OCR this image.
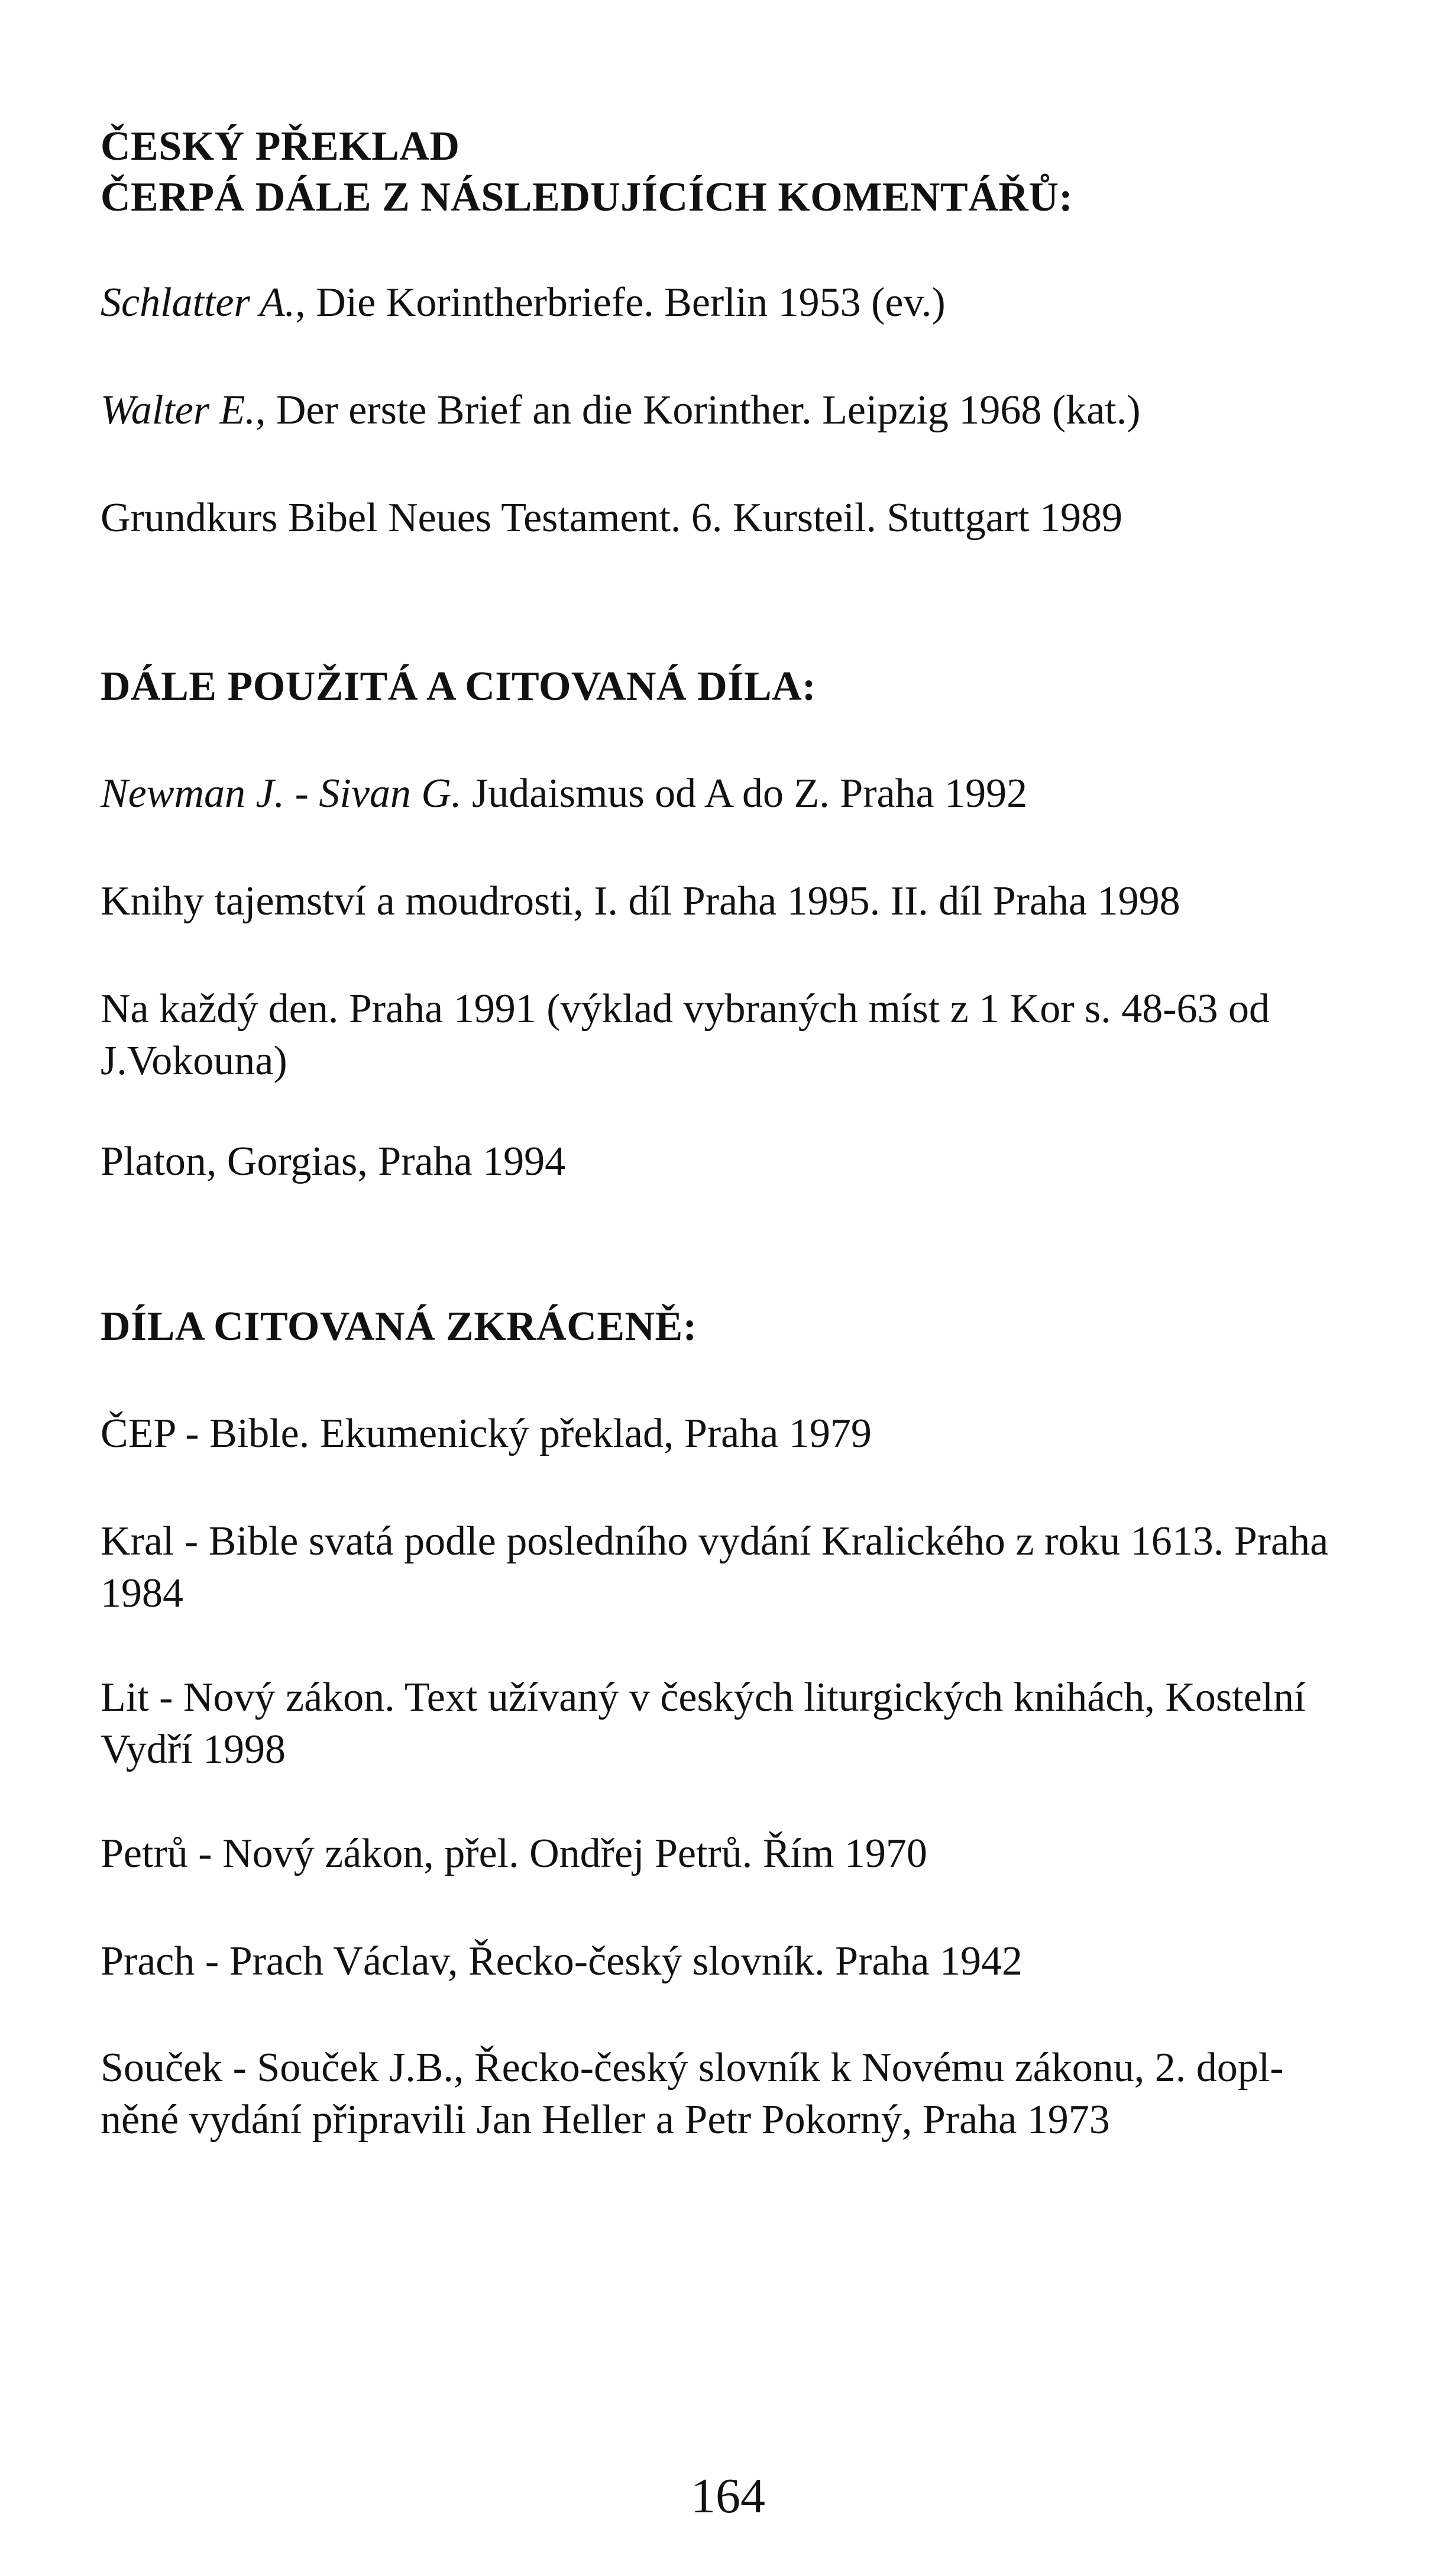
ČESKÝ PŘEKLAD

ČERPÁ DÁLE Z NÁSLEDUJÍCÍCH KOMENTÁŘŮ:

Schlatter A., Die Korintherbriefe. Berlin 1953 (ev.)

Walter E., Der erste Brief an die Korinther. Leipzig 1968 (kat.)

Grundkurs Bibel Neues Testament. 6. Kursteil. Stuttgart 1989

DÁLE POUŽITÁ A CITOVANÁ DÍLA:

Newman J. - Sivan G. Judaismus od A do Z. Praha 1992

Knihy tajemství a moudrosti, I. díl Praha 1995. II. díl Praha 1998

Na každý den. Praha 1991 (výklad vybraných míst z 1 Kor s. 48-63 od

J.Vokouna)

Platon, Gorgias, Praha 1994

DÍLA CITOVANÁ ZKRÁCENĚ:

ČEP - Bible. Ekumenický překlad, Praha 1979

Kral - Bible svatá podle posledního vydání Kralického z roku 1613. Praha

1984

Lit - Nový zákon. Text užívaný v českých liturgických knihách, Kostelní

Vydří 1998

Petrů - Nový zákon, přel. Ondřej Petrů. Řím 1970

Prach - Prach Václav, Řecko-český slovník. Praha 1942

Souček - Souček J.B., Řecko-český slovník k Novému zákonu, 2. dopl-

něné vydání připravili Jan Heller a Petr Pokorný, Praha 1973

164
